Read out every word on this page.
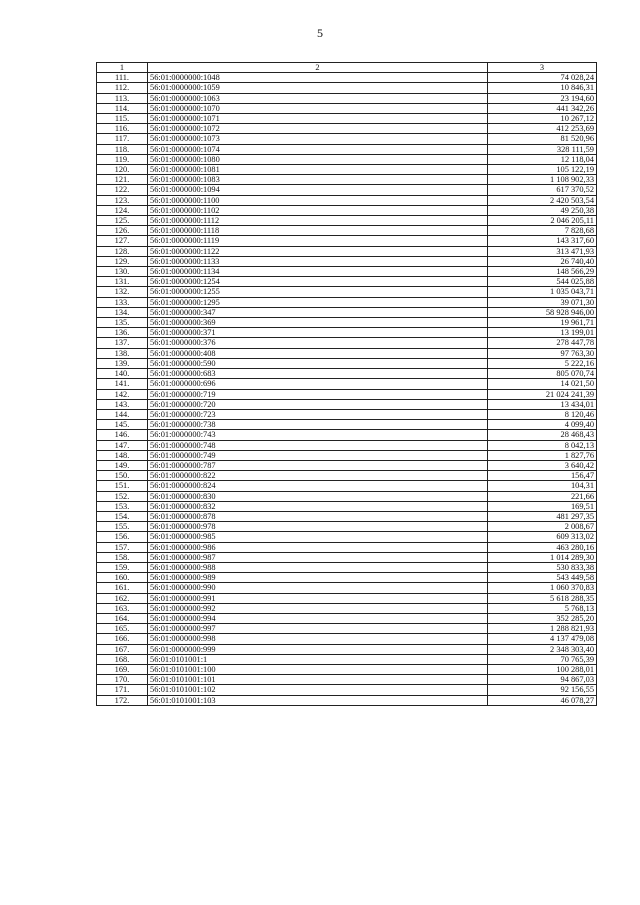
5
1	2	3
111.	56:01:0000000:1048	74 028,24
112.	56:01:0000000:1059	10 846,31
113.	56:01:0000000:1063	23 194,60
114.	56:01:0000000:1070	441 342,26
115.	56:01:0000000:1071	10 267,12
116.	56:01:0000000:1072	412 253,69
117.	56:01:0000000:1073	81 520,96
118.	56:01:0000000:1074	328 111,59
119.	56:01:0000000:1080	12 118,04
120.	56:01:0000000:1081	105 122,19
121.	56:01:0000000:1083	1 108 902,33
122.	56:01:0000000:1094	617 370,52
123.	56:01:0000000:1100	2 420 503,54
124.	56:01:0000000:1102	49 250,38
125.	56:01:0000000:1112	2 046 205,11
126.	56:01:0000000:1118	7 828,68
127.	56:01:0000000:1119	143 317,60
128.	56:01:0000000:1122	313 471,93
129.	56:01:0000000:1133	26 740,40
130.	56:01:0000000:1134	148 566,29
131.	56:01:0000000:1254	544 025,88
132.	56:01:0000000:1255	1 035 043,71
133.	56:01:0000000:1295	39 071,30
134.	56:01:0000000:347	58 928 946,00
135.	56:01:0000000:369	19 961,71
136.	56:01:0000000:371	13 199,01
137.	56:01:0000000:376	278 447,78
138.	56:01:0000000:408	97 763,30
139.	56:01:0000000:590	5 222,16
140.	56:01:0000000:683	805 070,74
141.	56:01:0000000:696	14 021,50
142.	56:01:0000000:719	21 024 241,39
143.	56:01:0000000:720	13 434,01
144.	56:01:0000000:723	8 120,46
145.	56:01:0000000:738	4 099,40
146.	56:01:0000000:743	28 468,43
147.	56:01:0000000:748	8 042,13
148.	56:01:0000000:749	1 827,76
149.	56:01:0000000:787	3 640,42
150.	56:01:0000000:822	156,47
151.	56:01:0000000:824	104,31
152.	56:01:0000000:830	221,66
153.	56:01:0000000:832	169,51
154.	56:01:0000000:878	481 297,35
155.	56:01:0000000:978	2 008,67
156.	56:01:0000000:985	609 313,02
157.	56:01:0000000:986	463 280,16
158.	56:01:0000000:987	1 014 289,30
159.	56:01:0000000:988	530 833,38
160.	56:01:0000000:989	543 449,58
161.	56:01:0000000:990	1 060 370,83
162.	56:01:0000000:991	5 618 288,35
163.	56:01:0000000:992	5 768,13
164.	56:01:0000000:994	352 285,20
165.	56:01:0000000:997	1 288 821,93
166.	56:01:0000000:998	4 137 479,08
167.	56:01:0000000:999	2 348 303,40
168.	56:01:0101001:1	70 765,39
169.	56:01:0101001:100	100 288,01
170.	56:01:0101001:101	94 867,03
171.	56:01:0101001:102	92 156,55
172.	56:01:0101001:103	46 078,27
